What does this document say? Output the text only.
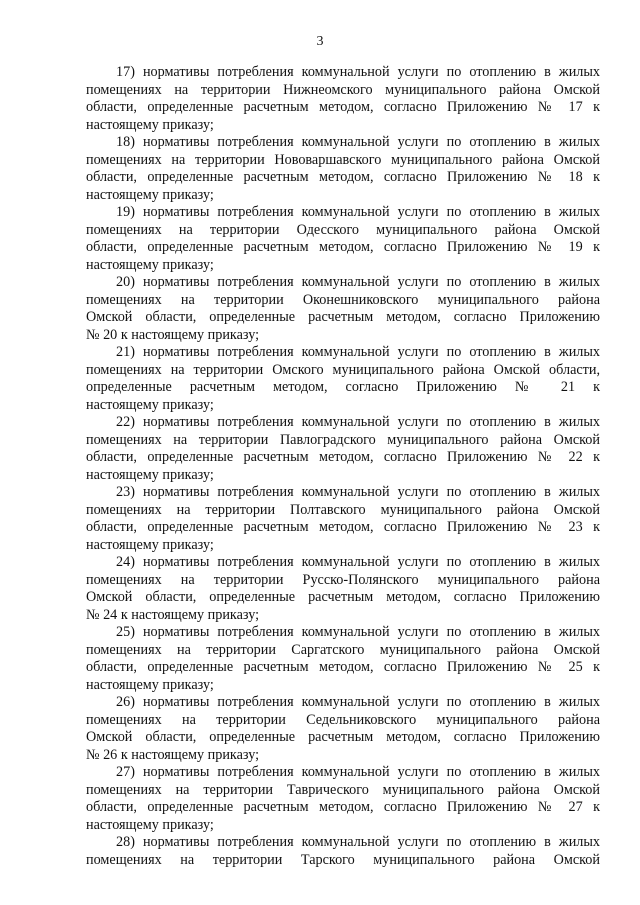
3
17) нормативы потребления коммунальной услуги по отоплению в жилых
помещениях на территории Нижнеомского муниципального района Омской
области, определенные расчетным методом, согласно Приложению № 17 к
настоящему приказу;
18) нормативы потребления коммунальной услуги по отоплению в жилых
помещениях на территории Нововаршавского муниципального района Омской
области, определенные расчетным методом, согласно Приложению № 18 к
настоящему приказу;
19) нормативы потребления коммунальной услуги по отоплению в жилых
помещениях на территории Одесского муниципального района Омской
области, определенные расчетным методом, согласно Приложению № 19 к
настоящему приказу;
20) нормативы потребления коммунальной услуги по отоплению в жилых
помещениях на территории Оконешниковского муниципального района
Омской области, определенные расчетным методом, согласно Приложению
№ 20 к настоящему приказу;
21) нормативы потребления коммунальной услуги по отоплению в жилых
помещениях на территории Омского муниципального района Омской области,
определенные расчетным методом, согласно Приложению № 21 к
настоящему приказу;
22) нормативы потребления коммунальной услуги по отоплению в жилых
помещениях на территории Павлоградского муниципального района Омской
области, определенные расчетным методом, согласно Приложению № 22 к
настоящему приказу;
23) нормативы потребления коммунальной услуги по отоплению в жилых
помещениях на территории Полтавского муниципального района Омской
области, определенные расчетным методом, согласно Приложению № 23 к
настоящему приказу;
24) нормативы потребления коммунальной услуги по отоплению в жилых
помещениях на территории Русско-Полянского муниципального района
Омской области, определенные расчетным методом, согласно Приложению
№ 24 к настоящему приказу;
25) нормативы потребления коммунальной услуги по отоплению в жилых
помещениях на территории Саргатского муниципального района Омской
области, определенные расчетным методом, согласно Приложению № 25 к
настоящему приказу;
26) нормативы потребления коммунальной услуги по отоплению в жилых
помещениях на территории Седельниковского муниципального района
Омской области, определенные расчетным методом, согласно Приложению
№ 26 к настоящему приказу;
27) нормативы потребления коммунальной услуги по отоплению в жилых
помещениях на территории Таврического муниципального района Омской
области, определенные расчетным методом, согласно Приложению № 27 к
настоящему приказу;
28) нормативы потребления коммунальной услуги по отоплению в жилых
помещениях на территории Тарского муниципального района Омской
